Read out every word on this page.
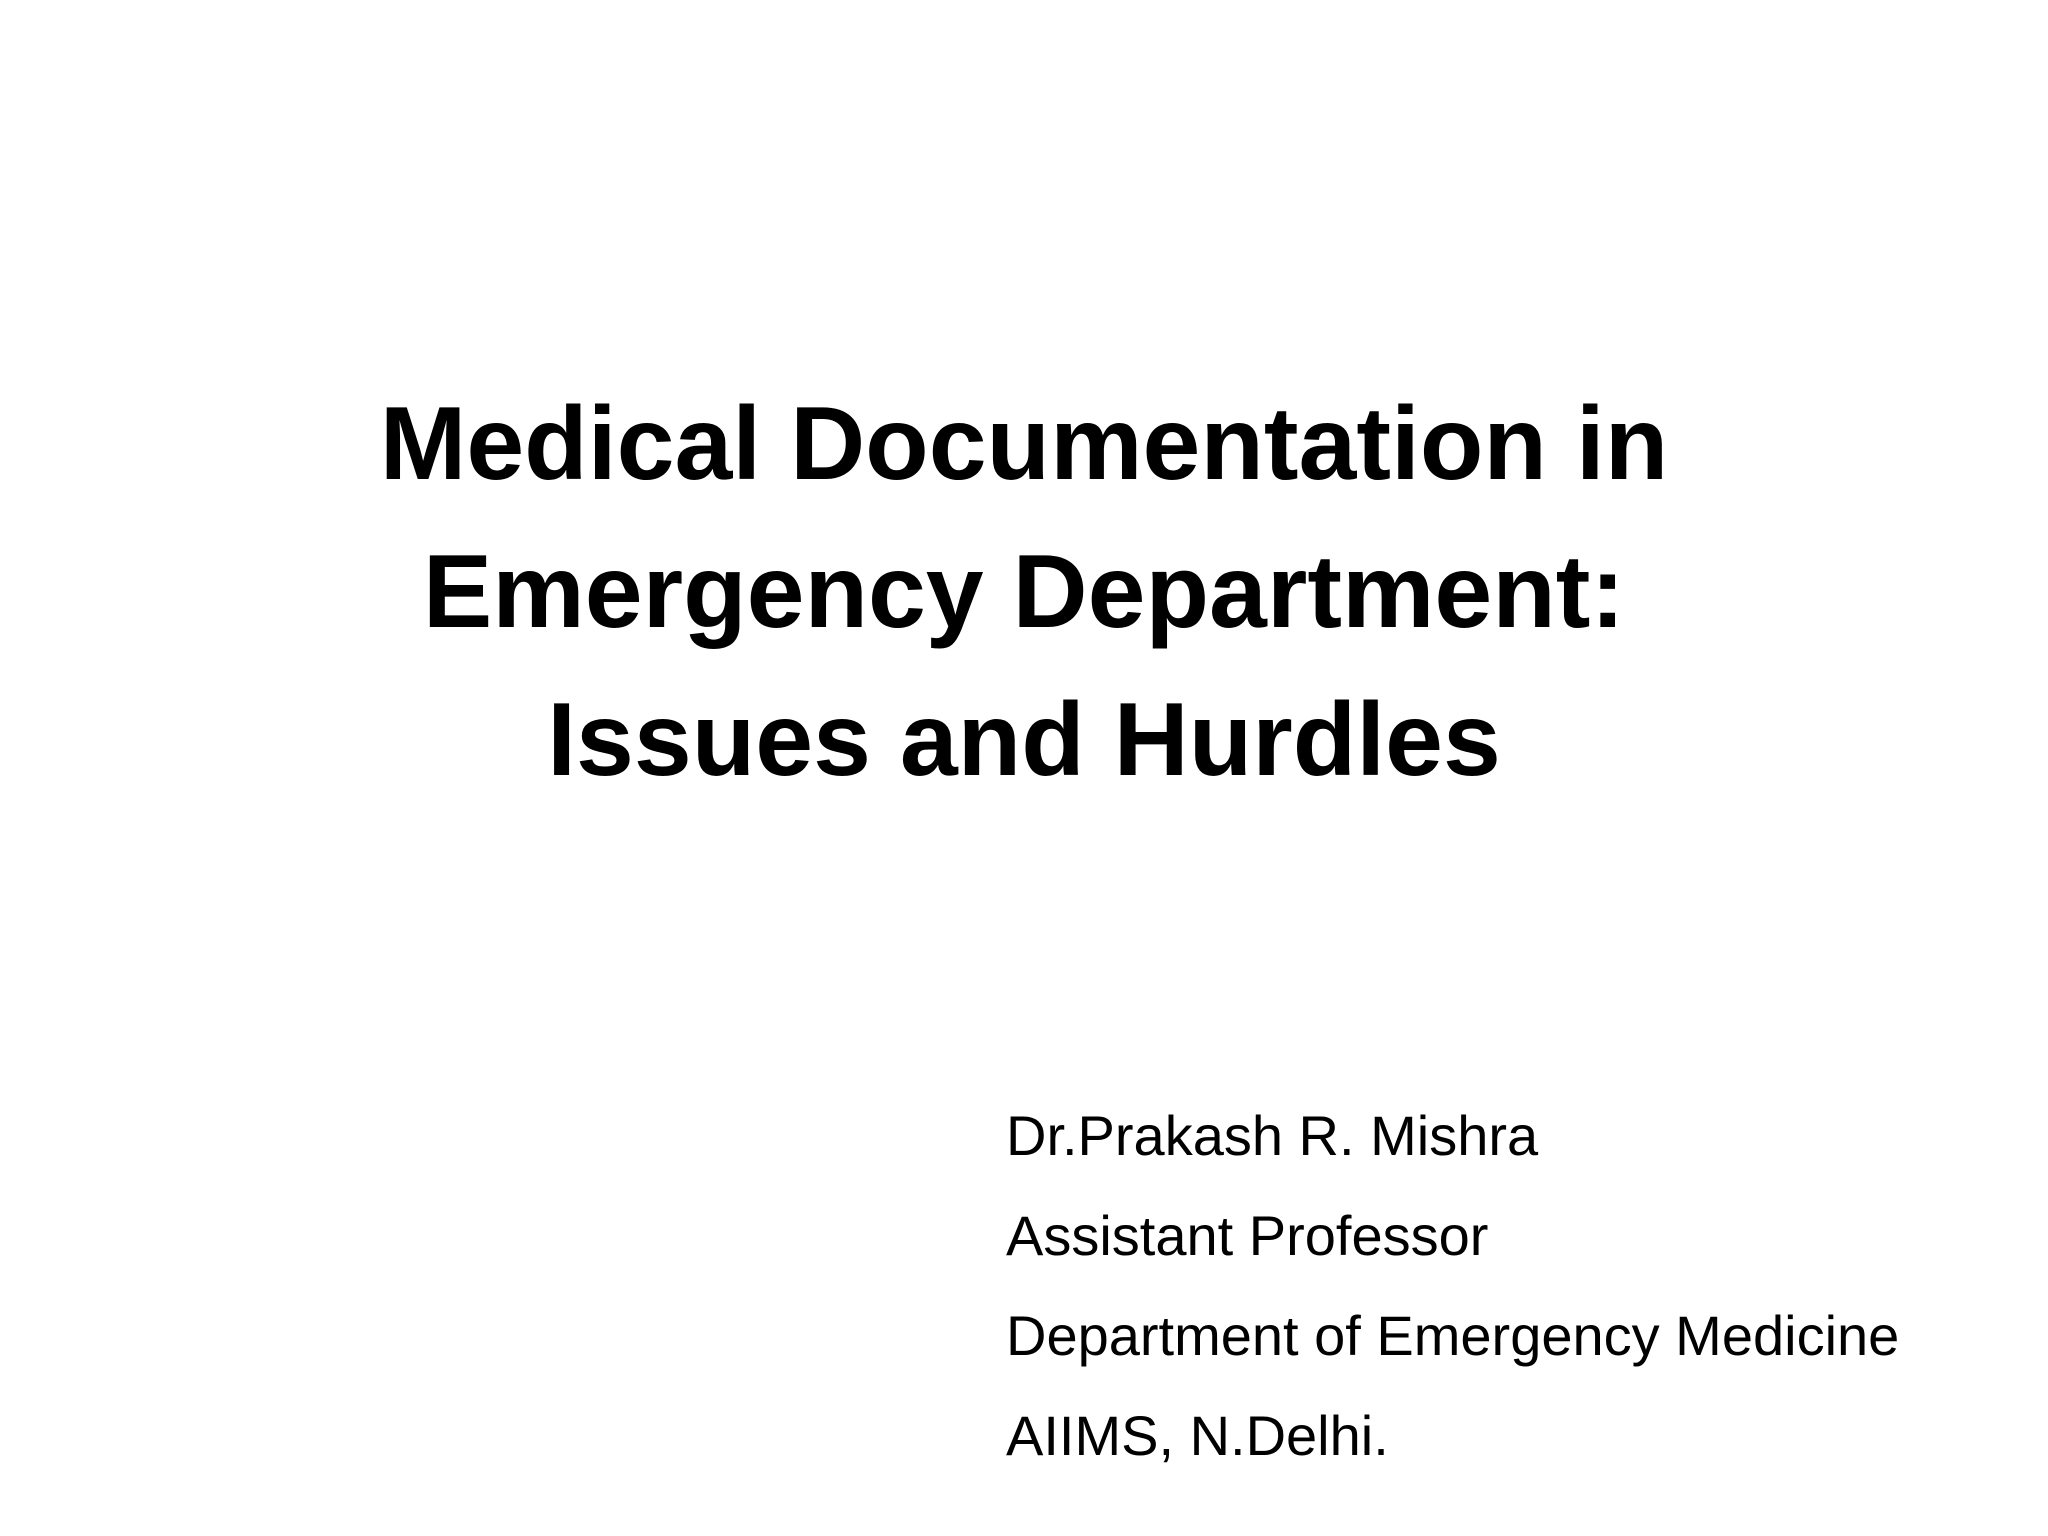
Medical Documentation in
Emergency Department:
Issues and Hurdles
Dr.Prakash R. Mishra
Assistant Professor
Department of Emergency Medicine
AIIMS, N.Delhi.
